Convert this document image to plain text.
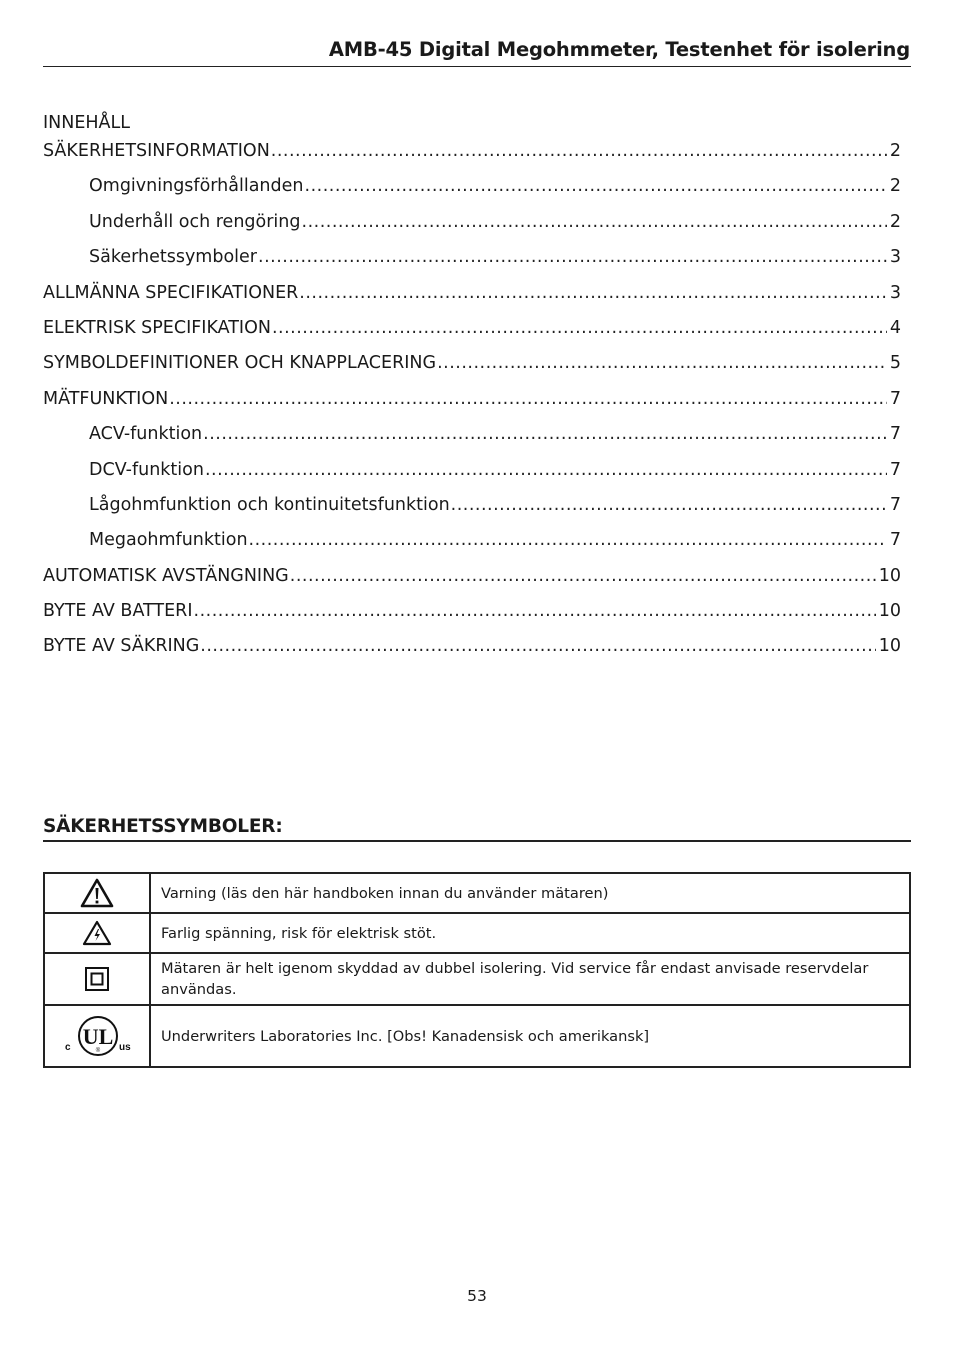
AMB-45 Digital Megohmmeter, Testenhet för isolering
INNEHÅLL
SÄKERHETSINFORMATION .....	2
Omgivningsförhållanden .....	2
Underhåll och rengöring .....	2
Säkerhetssymboler .....	3
ALLMÄNNA SPECIFIKATIONER .....	3
ELEKTRISK SPECIFIKATION .....	4
SYMBOLDEFINITIONER OCH KNAPPLACERING .....	5
MÄTFUNKTION .....	7
ACV-funktion .....	7
DCV-funktion .....	7
Lågohmfunktion och kontinuitetsfunktion .....	7
Megaohmfunktion .....	7
AUTOMATISK AVSTÄNGNING .....	10
BYTE AV BATTERI .....	10
BYTE AV SÄKRING .....	10
SÄKERHETSSYMBOLER:
	Varning (läs den här handboken innan du använder mätaren)

	Farlig spänning, risk för elektrisk stöt.

	Mätaren är helt igenom skyddad av dubbel isolering. Vid service får endast anvisade reservdelar användas.

UL
®
c us	Underwriters Laboratories Inc. [Obs! Kanadensisk och amerikansk]
53
